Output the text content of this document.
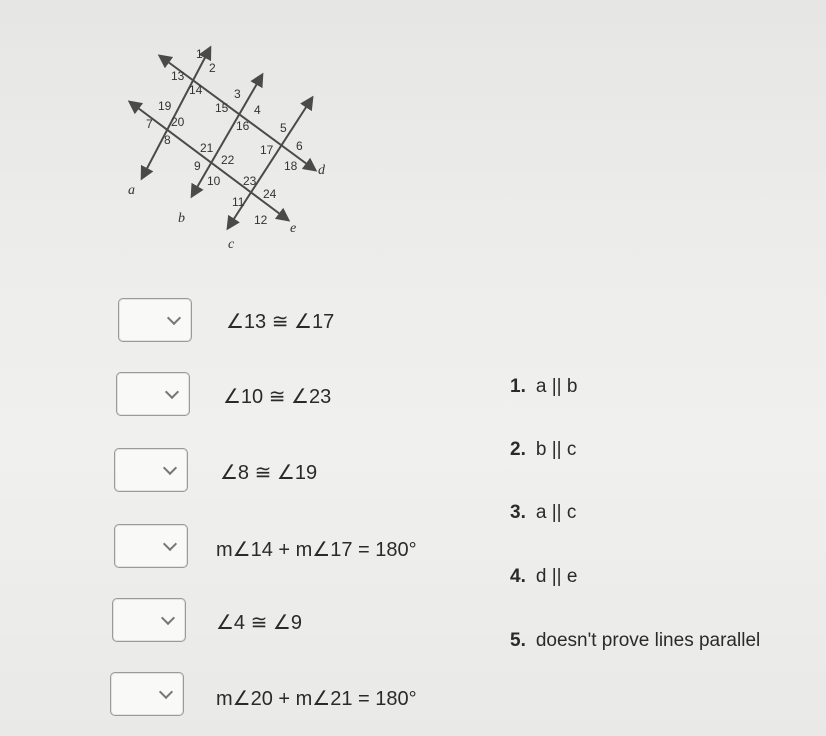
1
2
13
14	3
15 4
16
19
7 20
8
21
22
9
10
5
6
17
18
23
24
11
12
a
b
c
d
e
∠13 ≅ ∠17
∠10 ≅ ∠23
∠8 ≅ ∠19
m∠14 + m∠17 = 180°
∠4 ≅ ∠9
m∠20 + m∠21 = 180°
1. a || b
2. b || c
3. a || c
4. d || e
5. doesn't prove lines parallel
